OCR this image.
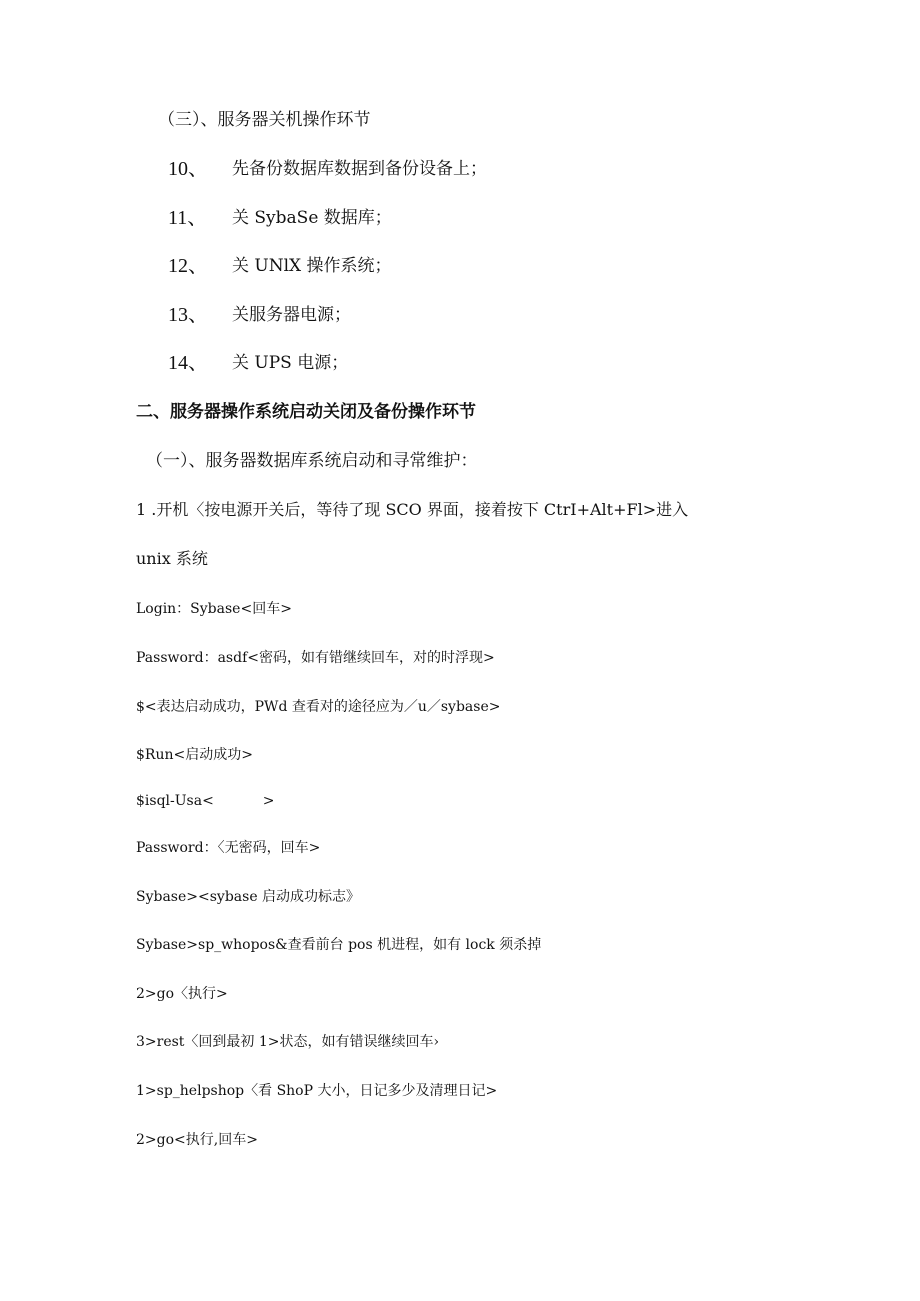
（三）、服务器关机操作环节
10、 先备份数据库数据到备份设备上；
11、 关 SybaSe 数据库；
12、 关 UNlX 操作系统；
13、 关服务器电源；
14、 关 UPS 电源；
二、服务器操作系统启动关闭及备份操作环节
（一）、服务器数据库系统启动和寻常维护：
1 .开机〈按电源开关后，等待了现 SCO 界面，接着按下 CtrI+Alt+Fl>进入
unix 系统
Login：Sybase<回车>
Password：asdf<密码，如有错继续回车，对的时浮现>
$<表达启动成功，PWd 查看对的途径应为／u／sybase>
$Run<启动成功>
$isql-Usa<           >
Password：〈无密码，回车>
Sybase><sybase 启动成功标志》
Sybase>sp_whopos&查看前台 pos 机进程，如有 lock 须杀掉
2>go〈执行>
3>rest〈回到最初 1>状态，如有错误继续回车›
1>sp_helpshop〈看 ShoP 大小，日记多少及清理日记>
2>go<执行,回车>
